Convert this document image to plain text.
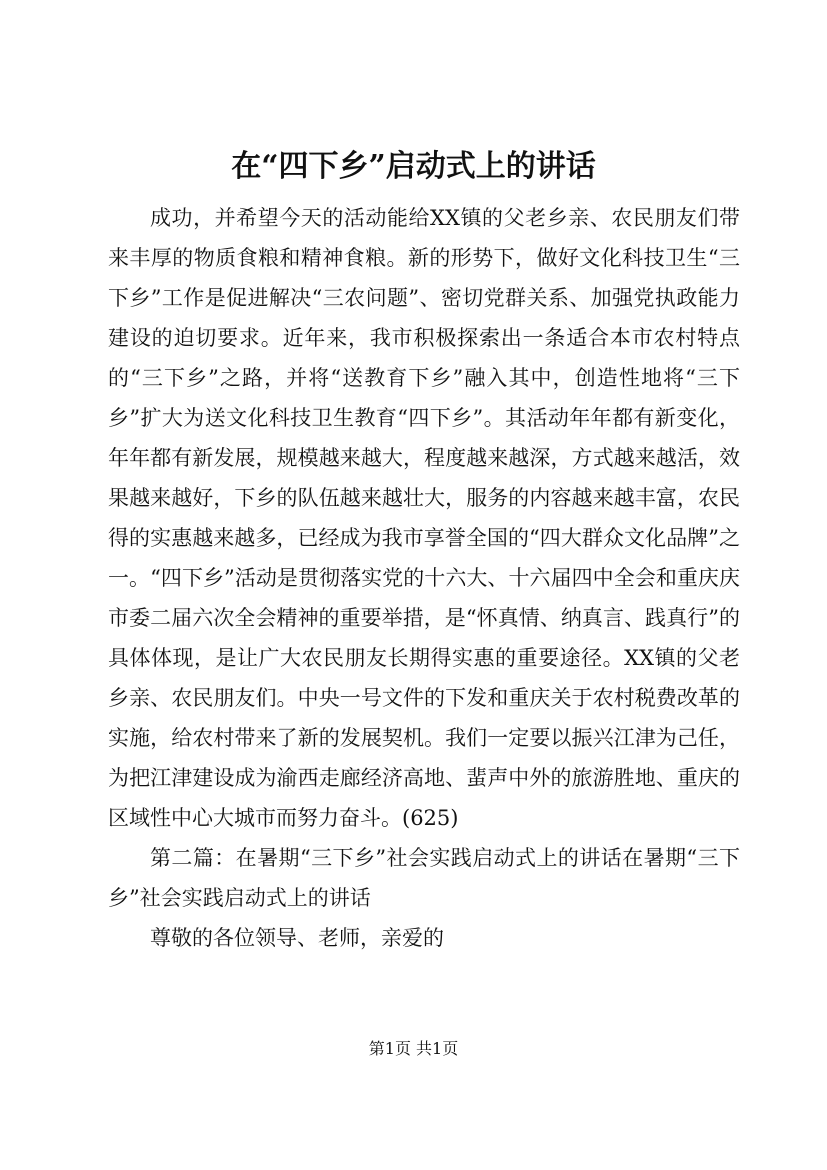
在“四下乡”启动式上的讲话

成功，并希望今天的活动能给XX镇的父老乡亲、农民朋友们带来丰厚的物质食粮和精神食粮。新的形势下，做好文化科技卫生“三下乡”工作是促进解决“三农问题”、密切党群关系、加强党执政能力建设的迫切要求。近年来，我市积极探索出一条适合本市农村特点的“三下乡”之路，并将“送教育下乡”融入其中，创造性地将“三下乡”扩大为送文化科技卫生教育“四下乡”。其活动年年都有新变化，年年都有新发展，规模越来越大，程度越来越深，方式越来越活，效果越来越好，下乡的队伍越来越壮大，服务的内容越来越丰富，农民得的实惠越来越多，已经成为我市享誉全国的“四大群众文化品牌”之一。“四下乡”活动是贯彻落实党的十六大、十六届四中全会和重庆庆市委二届六次全会精神的重要举措，是“怀真情、纳真言、践真行”的具体体现，是让广大农民朋友长期得实惠的重要途径。XX镇的父老乡亲、农民朋友们。中央一号文件的下发和重庆关于农村税费改革的实施，给农村带来了新的发展契机。我们一定要以振兴江津为己任，为把江津建设成为渝西走廊经济高地、蜚声中外的旅游胜地、重庆的区域性中心大城市而努力奋斗。(625)

第二篇：在暑期“三下乡”社会实践启动式上的讲话在暑期“三下乡”社会实践启动式上的讲话

尊敬的各位领导、老师，亲爱的

第1页 共1页
